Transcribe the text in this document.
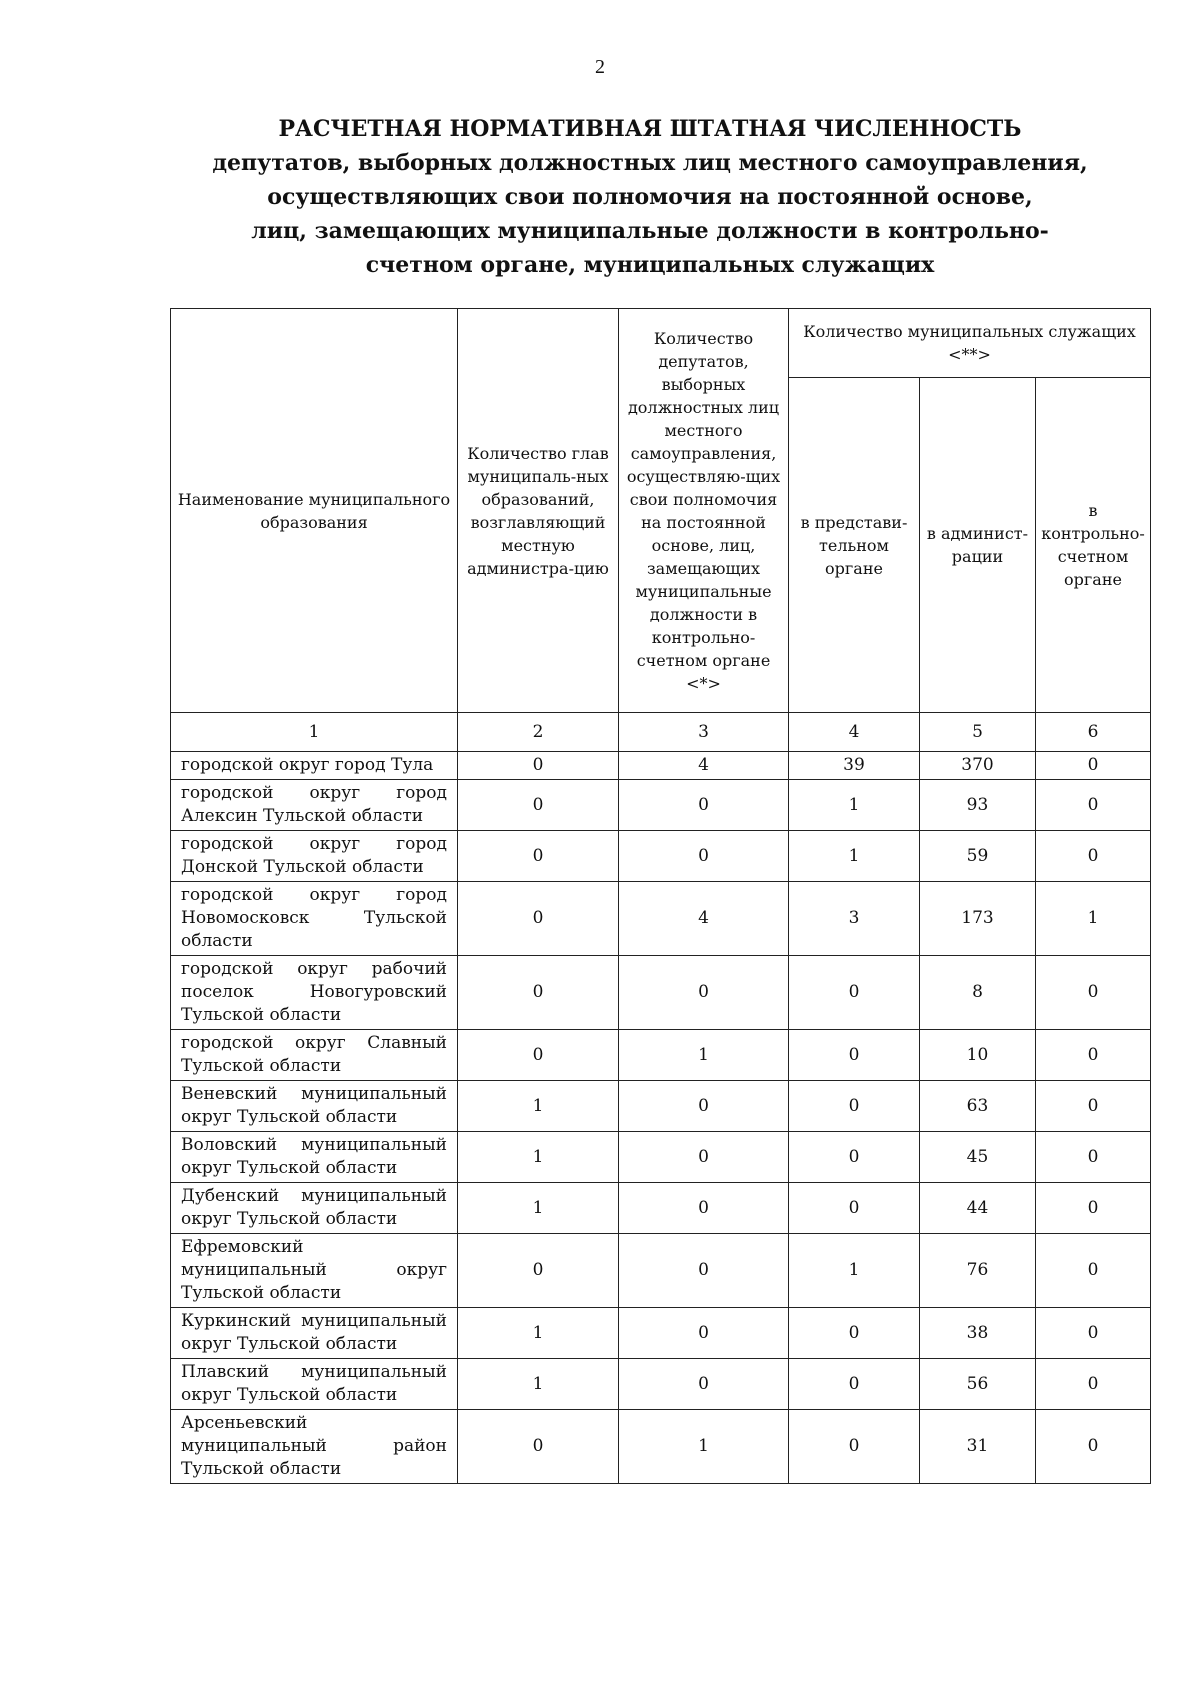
2
РАСЧЕТНАЯ НОРМАТИВНАЯ ШТАТНАЯ ЧИСЛЕННОСТЬ
депутатов, выборных должностных лиц местного самоуправления,
осуществляющих свои полномочия на постоянной основе,
лиц, замещающих муниципальные должности в контрольно-
счетном органе, муниципальных служащих
Наименование муниципального образования	Количество глав муниципаль-ных образований, возглавляющий местную администра-цию	Количество депутатов, выборных должностных лиц местного самоуправления, осуществляю-щих свои полномочия на постоянной основе, лиц, замещающих муниципальные должности в контрольно-счетном органе <*>	Количество муниципальных служащих <**>		
			в представи-тельном органе	в админист-рации	в контрольно-счетном органе
1	2	3	4	5	6
городской округ город Тула	0	4	39	370	0
городской округ город Алексин Тульской области	0	0	1	93	0
городской округ город Донской Тульской области	0	0	1	59	0
городской округ город Новомосковск Тульской области	0	4	3	173	1
городской округ рабочий поселок Новогуровский Тульской области	0	0	0	8	0
городской округ Славный Тульской области	0	1	0	10	0
Веневский муниципальный округ Тульской области	1	0	0	63	0
Воловский муниципальный округ Тульской области	1	0	0	45	0
Дубенский муниципальный округ Тульской области	1	0	0	44	0
Ефремовский муниципальный округ Тульской области	0	0	1	76	0
Куркинский муниципальный округ Тульской области	1	0	0	38	0
Плавский муниципальный округ Тульской области	1	0	0	56	0
Арсеньевский муниципальный район Тульской области	0	1	0	31	0
